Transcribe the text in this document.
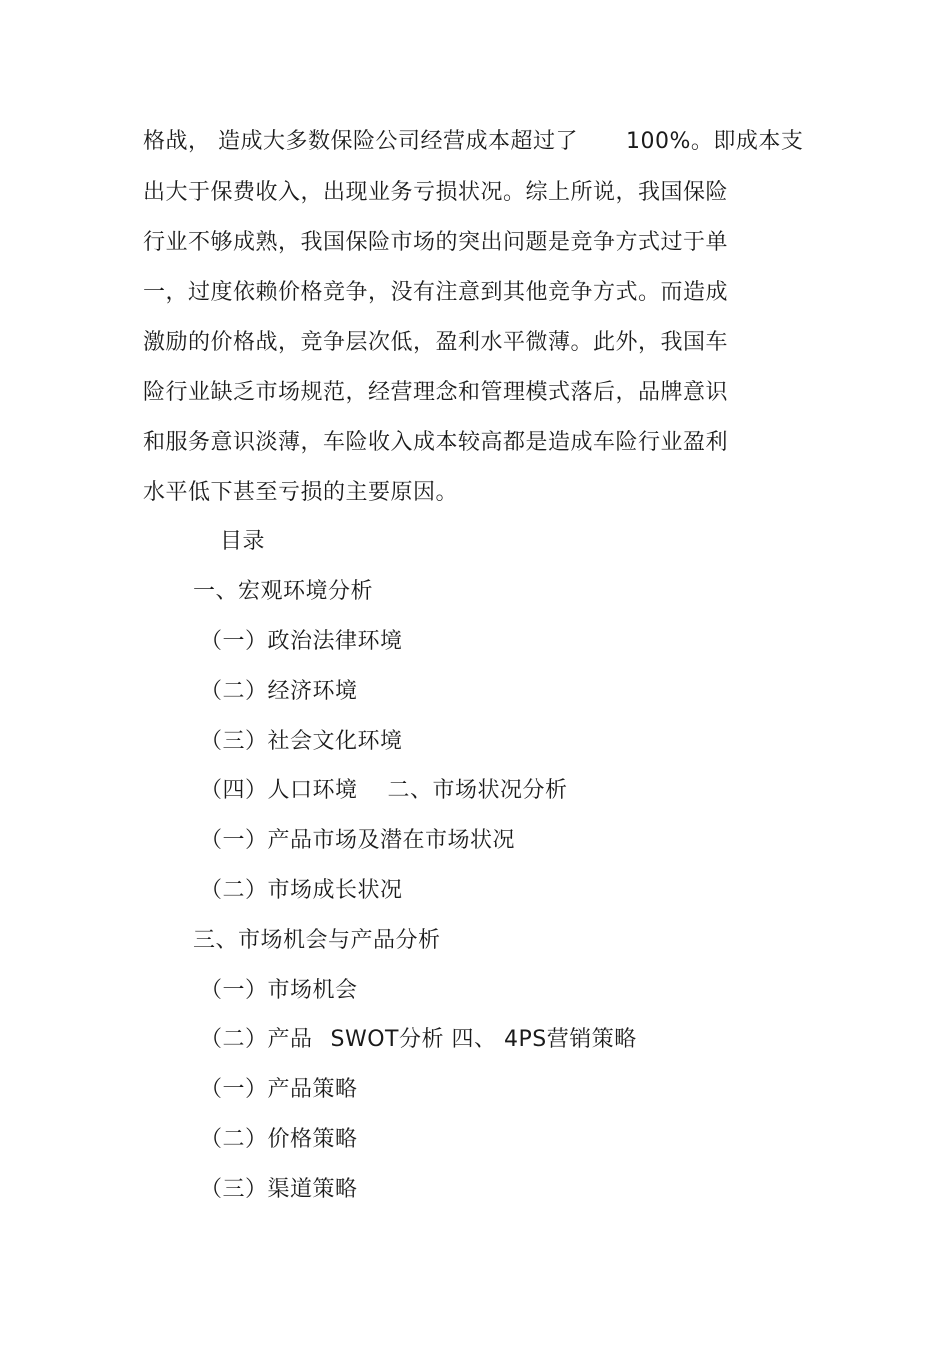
格战， 造成大多数保险公司经营成本超过了 100%。即成本支
出大于保费收入，出现业务亏损状况。综上所说，我国保险
行业不够成熟，我国保险市场的突出问题是竞争方式过于单
一，过度依赖价格竞争，没有注意到其他竞争方式。而造成
激励的价格战，竞争层次低，盈利水平微薄。此外，我国车
险行业缺乏市场规范，经营理念和管理模式落后，品牌意识
和服务意识淡薄，车险收入成本较高都是造成车险行业盈利
水平低下甚至亏损的主要原因。
目录
一、宏观环境分析
（一）政治法律环境
（二）经济环境
（三）社会文化环境
（四）人口环境 二、市场状况分析
（一）产品市场及潜在市场状况
（二）市场成长状况
三、市场机会与产品分析
（一）市场机会
（二）产品 SWOT分析 四、 4PS营销策略
（一）产品策略
（二）价格策略
（三）渠道策略
